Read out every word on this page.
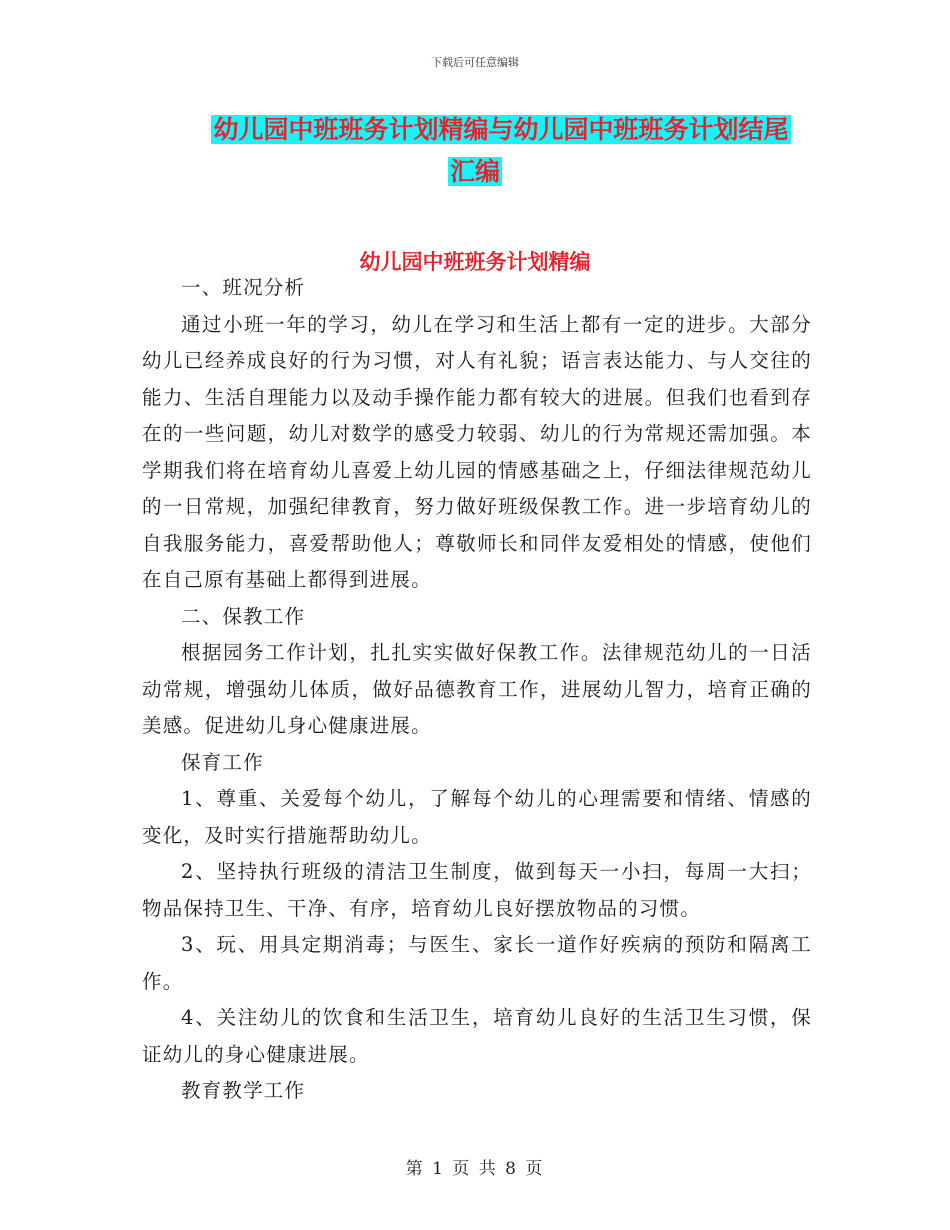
下载后可任意编辑
幼儿园中班班务计划精编与幼儿园中班班务计划结尾
汇编
幼儿园中班班务计划精编

一、班况分析

通过小班一年的学习，幼儿在学习和生活上都有一定的进步。大部分幼儿已经养成良好的行为习惯，对人有礼貌；语言表达能力、与人交往的能力、生活自理能力以及动手操作能力都有较大的进展。但我们也看到存在的一些问题，幼儿对数学的感受力较弱、幼儿的行为常规还需加强。本学期我们将在培育幼儿喜爱上幼儿园的情感基础之上，仔细法律规范幼儿的一日常规，加强纪律教育，努力做好班级保教工作。进一步培育幼儿的自我服务能力，喜爱帮助他人；尊敬师长和同伴友爱相处的情感，使他们在自己原有基础上都得到进展。

二、保教工作

根据园务工作计划，扎扎实实做好保教工作。法律规范幼儿的一日活动常规，增强幼儿体质，做好品德教育工作，进展幼儿智力，培育正确的美感。促进幼儿身心健康进展。

保育工作

1、尊重、关爱每个幼儿，了解每个幼儿的心理需要和情绪、情感的变化，及时实行措施帮助幼儿。

2、坚持执行班级的清洁卫生制度，做到每天一小扫，每周一大扫；物品保持卫生、干净、有序，培育幼儿良好摆放物品的习惯。

3、玩、用具定期消毒；与医生、家长一道作好疾病的预防和隔离工作。

4、关注幼儿的饮食和生活卫生，培育幼儿良好的生活卫生习惯，保证幼儿的身心健康进展。

教育教学工作

第 1 页 共 8 页
